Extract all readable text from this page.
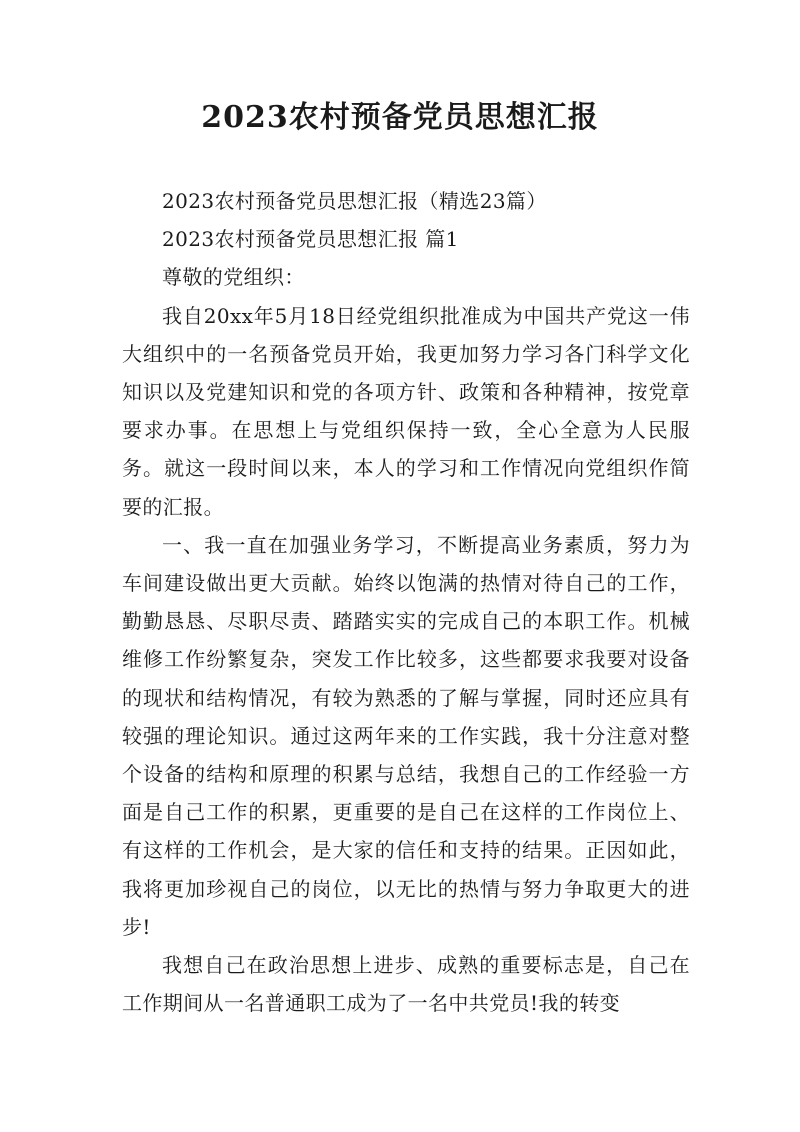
2023农村预备党员思想汇报

2023农村预备党员思想汇报（精选23篇）

2023农村预备党员思想汇报 篇1

尊敬的党组织：

我自20xx年5月18日经党组织批准成为中国共产党这一伟大组织中的一名预备党员开始，我更加努力学习各门科学文化知识以及党建知识和党的各项方针、政策和各种精神，按党章要求办事。在思想上与党组织保持一致，全心全意为人民服务。就这一段时间以来，本人的学习和工作情况向党组织作简要的汇报。

一、我一直在加强业务学习，不断提高业务素质，努力为车间建设做出更大贡献。始终以饱满的热情对待自己的工作，勤勤恳恳、尽职尽责、踏踏实实的完成自己的本职工作。机械维修工作纷繁复杂，突发工作比较多，这些都要求我要对设备的现状和结构情况，有较为熟悉的了解与掌握，同时还应具有较强的理论知识。通过这两年来的工作实践，我十分注意对整个设备的结构和原理的积累与总结，我想自己的工作经验一方面是自己工作的积累，更重要的是自己在这样的工作岗位上、有这样的工作机会，是大家的信任和支持的结果。正因如此，我将更加珍视自己的岗位，以无比的热情与努力争取更大的进步!

我想自己在政治思想上进步、成熟的重要标志是，自己在工作期间从一名普通职工成为了一名中共党员!我的转变
